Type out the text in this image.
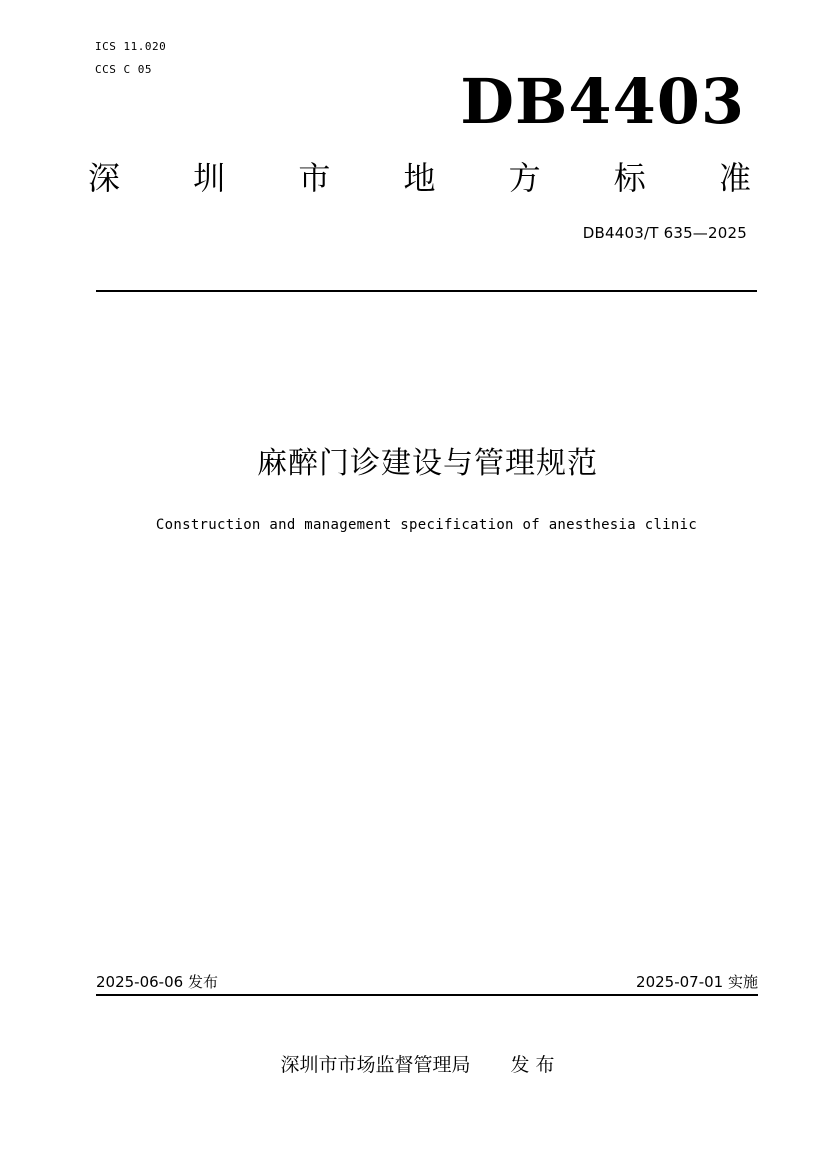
ICS 11.020
CCS C 05	DB4403
深 圳 市 地 方 标 准
DB4403/T 635—2025
麻醉门诊建设与管理规范
Construction and management specification of anesthesia clinic
2025-06-06 发布	2025-07-01 实施
深圳市市场监督管理局 发 布
